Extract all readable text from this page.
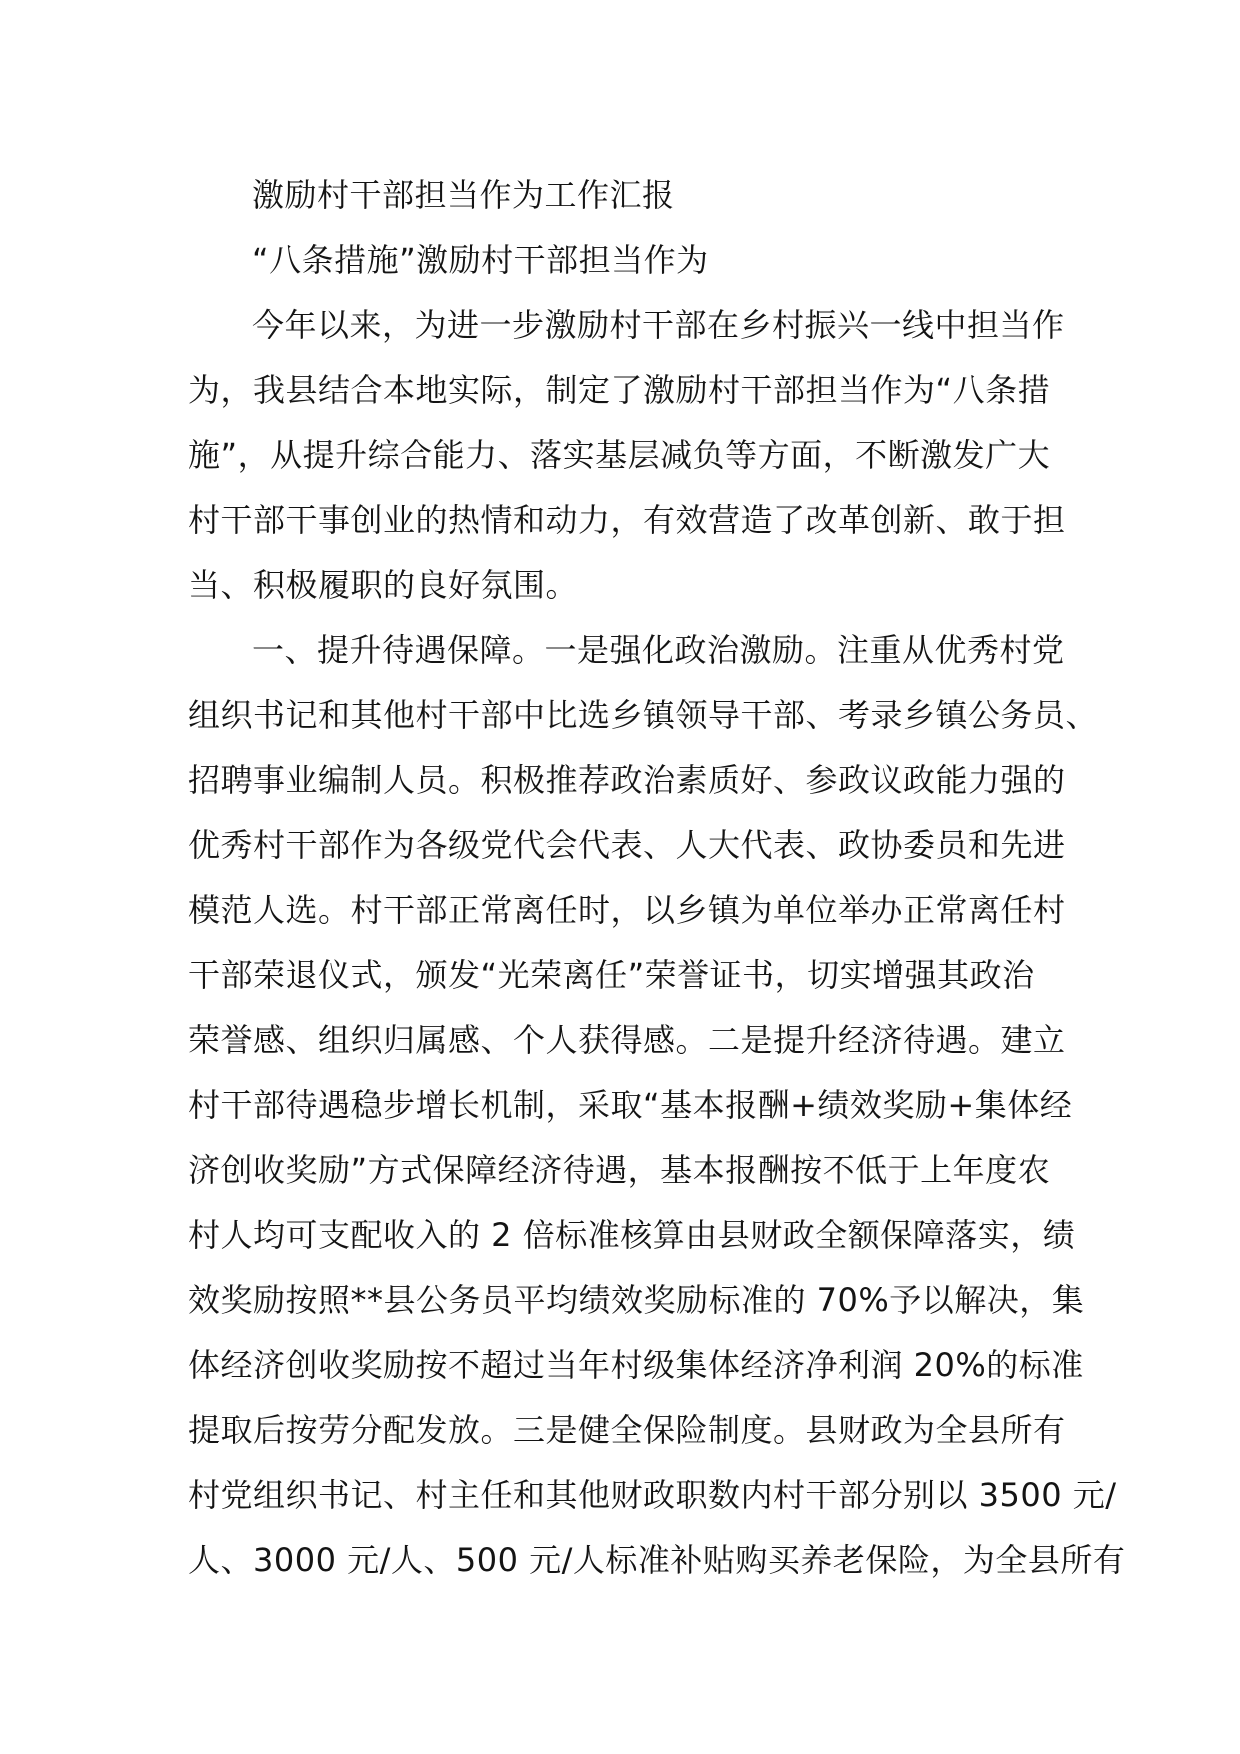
激励村干部担当作为工作汇报
“八条措施”激励村干部担当作为
今年以来，为进一步激励村干部在乡村振兴一线中担当作
为，我县结合本地实际，制定了激励村干部担当作为“八条措
施”，从提升综合能力、落实基层减负等方面，不断激发广大
村干部干事创业的热情和动力，有效营造了改革创新、敢于担
当、积极履职的良好氛围。
一、提升待遇保障。一是强化政治激励。注重从优秀村党
组织书记和其他村干部中比选乡镇领导干部、考录乡镇公务员、
招聘事业编制人员。积极推荐政治素质好、参政议政能力强的
优秀村干部作为各级党代会代表、人大代表、政协委员和先进
模范人选。村干部正常离任时，以乡镇为单位举办正常离任村
干部荣退仪式，颁发“光荣离任”荣誉证书，切实增强其政治
荣誉感、组织归属感、个人获得感。二是提升经济待遇。建立
村干部待遇稳步增长机制，采取“基本报酬+绩效奖励+集体经
济创收奖励”方式保障经济待遇，基本报酬按不低于上年度农
村人均可支配收入的 2 倍标准核算由县财政全额保障落实，绩
效奖励按照**县公务员平均绩效奖励标准的 70%予以解决，集
体经济创收奖励按不超过当年村级集体经济净利润 20%的标准
提取后按劳分配发放。三是健全保险制度。县财政为全县所有
村党组织书记、村主任和其他财政职数内村干部分别以 3500 元/
人、3000 元/人、500 元/人标准补贴购买养老保险，为全县所有
